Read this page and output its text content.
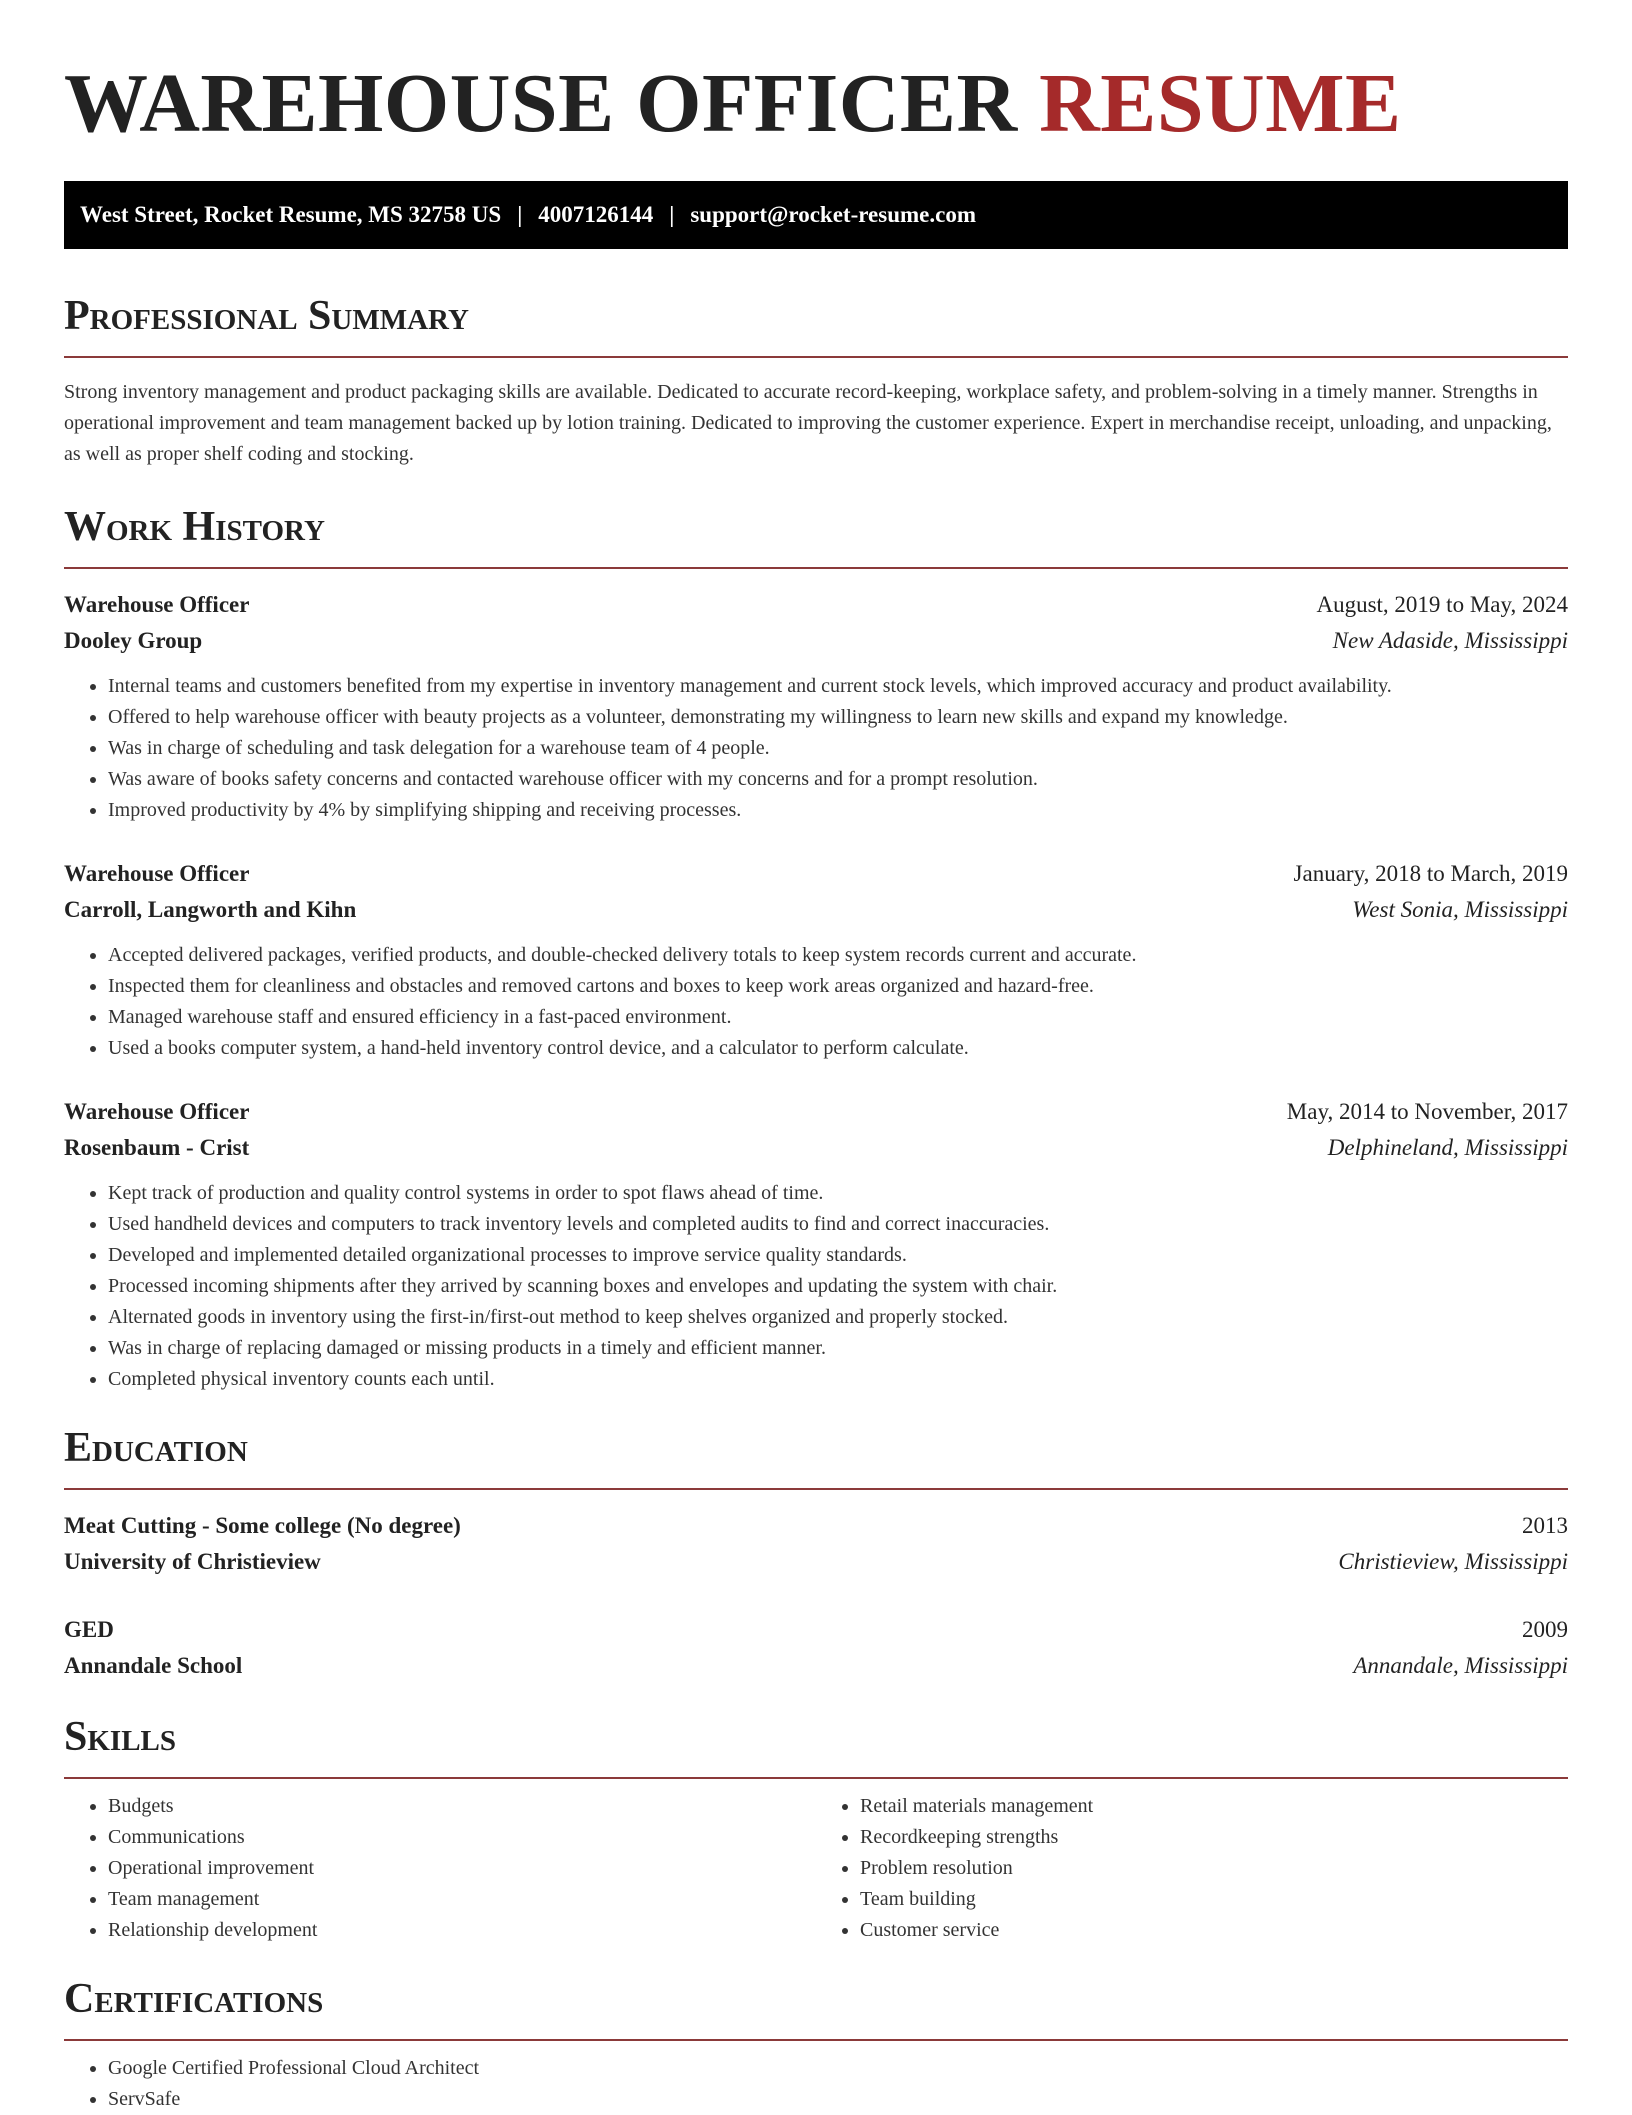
WAREHOUSE OFFICER RESUME
West Street, Rocket Resume, MS 32758 US | 4007126144 | support@rocket-resume.com
Professional Summary

Strong inventory management and product packaging skills are available. Dedicated to accurate record-keeping, workplace safety, and problem-solving in a timely manner. Strengths in operational improvement and team management backed up by lotion training. Dedicated to improving the customer experience. Expert in merchandise receipt, unloading, and unpacking, as well as proper shelf coding and stocking.

Work History
Warehouse Officer	August, 2019 to May, 2024
Dooley Group	New Adaside, Mississippi
• Internal teams and customers benefited from my expertise in inventory management and current stock levels, which improved accuracy and product availability.
• Offered to help warehouse officer with beauty projects as a volunteer, demonstrating my willingness to learn new skills and expand my knowledge.
• Was in charge of scheduling and task delegation for a warehouse team of 4 people.
• Was aware of books safety concerns and contacted warehouse officer with my concerns and for a prompt resolution.
• Improved productivity by 4% by simplifying shipping and receiving processes.
Warehouse Officer	January, 2018 to March, 2019
Carroll, Langworth and Kihn	West Sonia, Mississippi
• Accepted delivered packages, verified products, and double-checked delivery totals to keep system records current and accurate.
• Inspected them for cleanliness and obstacles and removed cartons and boxes to keep work areas organized and hazard-free.
• Managed warehouse staff and ensured efficiency in a fast-paced environment.
• Used a books computer system, a hand-held inventory control device, and a calculator to perform calculate.
Warehouse Officer	May, 2014 to November, 2017
Rosenbaum - Crist	Delphineland, Mississippi
• Kept track of production and quality control systems in order to spot flaws ahead of time.
• Used handheld devices and computers to track inventory levels and completed audits to find and correct inaccuracies.
• Developed and implemented detailed organizational processes to improve service quality standards.
• Processed incoming shipments after they arrived by scanning boxes and envelopes and updating the system with chair.
• Alternated goods in inventory using the first-in/first-out method to keep shelves organized and properly stocked.
• Was in charge of replacing damaged or missing products in a timely and efficient manner.
• Completed physical inventory counts each until.
Education
Meat Cutting - Some college (No degree)	2013
University of Christieview	Christieview, Mississippi
GED	2009
Annandale School	Annandale, Mississippi
Skills
• Budgets
• Communications
• Operational improvement
• Team management
• Relationship development
• Retail materials management
• Recordkeeping strengths
• Problem resolution
• Team building
• Customer service
Certifications
• Google Certified Professional Cloud Architect
• ServSafe
